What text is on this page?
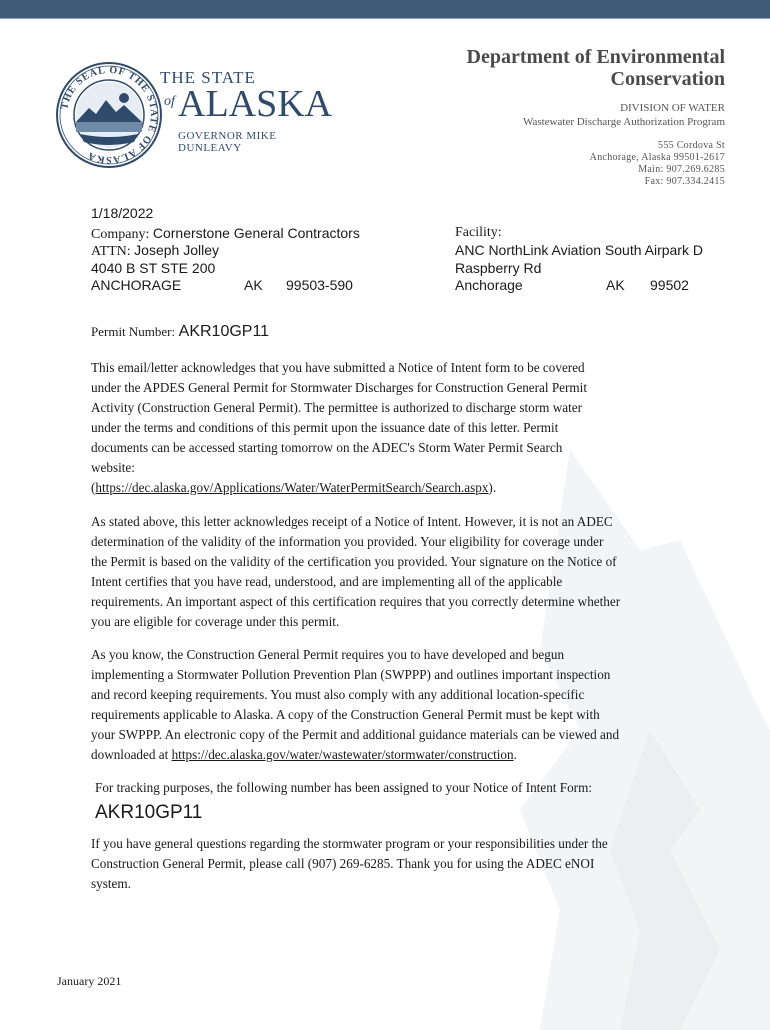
THE SEAL OF THE STATE OF ALASKA
THE STATE
of ALASKA
GOVERNOR MIKE DUNLEAVY
Department of Environmental
Conservation
DIVISION OF WATER
Wastewater Discharge Authorization Program
555 Cordova St
Anchorage, Alaska 99501-2617
Main: 907.269.6285
Fax: 907.334.2415
1/18/2022
Company: Cornerstone General Contractors
ATTN: Joseph Jolley
4040 B ST STE 200
ANCHORAGE	AK 99503-590
Facility:
ANC NorthLink Aviation South Airpark D
Raspberry Rd
Anchorage	AK 99502
Permit Number: AKR10GP11
This email/letter acknowledges that you have submitted a Notice of Intent form to be covered
under the APDES General Permit for Stormwater Discharges for Construction General Permit
Activity (Construction General Permit). The permittee is authorized to discharge storm water
under the terms and conditions of this permit upon the issuance date of this letter. Permit
documents can be accessed starting tomorrow on the ADEC's Storm Water Permit Search
website:
(https://dec.alaska.gov/Applications/Water/WaterPermitSearch/Search.aspx).
As stated above, this letter acknowledges receipt of a Notice of Intent. However, it is not an ADEC
determination of the validity of the information you provided. Your eligibility for coverage under
the Permit is based on the validity of the certification you provided. Your signature on the Notice of
Intent certifies that you have read, understood, and are implementing all of the applicable
requirements. An important aspect of this certification requires that you correctly determine whether
you are eligible for coverage under this permit.
As you know, the Construction General Permit requires you to have developed and begun
implementing a Stormwater Pollution Prevention Plan (SWPPP) and outlines important inspection
and record keeping requirements. You must also comply with any additional location-specific
requirements applicable to Alaska. A copy of the Construction General Permit must be kept with
your SWPPP. An electronic copy of the Permit and additional guidance materials can be viewed and
downloaded at https://dec.alaska.gov/water/wastewater/stormwater/construction.
For tracking purposes, the following number has been assigned to your Notice of Intent Form:
AKR10GP11
If you have general questions regarding the stormwater program or your responsibilities under the
Construction General Permit, please call (907) 269-6285. Thank you for using the ADEC eNOI
system.
January 2021
